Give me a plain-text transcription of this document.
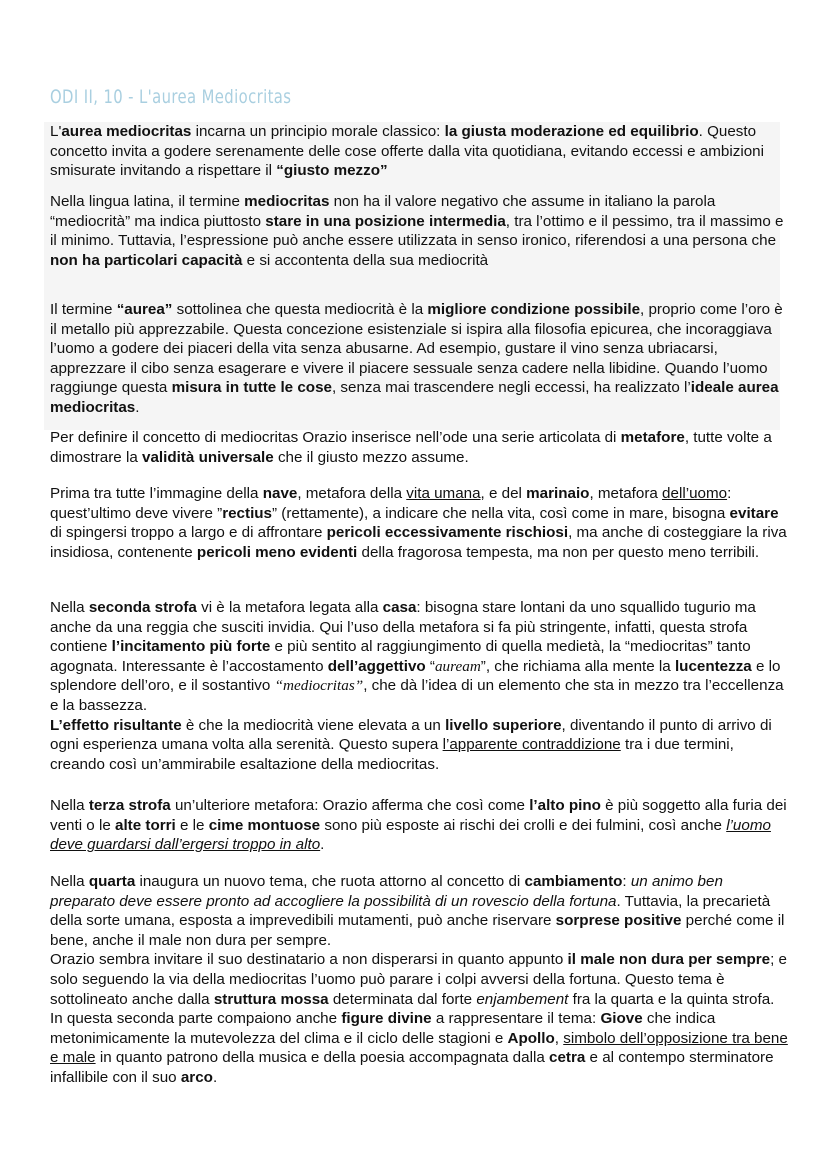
ODI II, 10 - L'aurea Mediocritas

L'aurea mediocritas incarna un principio morale classico: la giusta moderazione ed equilibrio. Questo concetto invita a godere serenamente delle cose offerte dalla vita quotidiana, evitando eccessi e ambizioni smisurate invitando a rispettare il “giusto mezzo”

Nella lingua latina, il termine mediocritas non ha il valore negativo che assume in italiano la parola “mediocrità” ma indica piuttosto stare in una posizione intermedia, tra l’ottimo e il pessimo, tra il massimo e il minimo. Tuttavia, l’espressione può anche essere utilizzata in senso ironico, riferendosi a una persona che non ha particolari capacità e si accontenta della sua mediocrità

Il termine “aurea” sottolinea che questa mediocrità è la migliore condizione possibile, proprio come l’oro è il metallo più apprezzabile. Questa concezione esistenziale si ispira alla filosofia epicurea, che incoraggiava l’uomo a godere dei piaceri della vita senza abusarne. Ad esempio, gustare il vino senza ubriacarsi, apprezzare il cibo senza esagerare e vivere il piacere sessuale senza cadere nella libidine. Quando l’uomo raggiunge questa misura in tutte le cose, senza mai trascendere negli eccessi, ha realizzato l’ideale aurea mediocritas.

Per definire il concetto di mediocritas Orazio inserisce nell’ode una serie articolata di metafore, tutte volte a dimostrare la validità universale che il giusto mezzo assume.

Prima tra tutte l’immagine della nave, metafora della vita umana, e del marinaio, metafora dell’uomo: quest’ultimo deve vivere ”rectius” (rettamente), a indicare che nella vita, così come in mare, bisogna evitare di spingersi troppo a largo e di affrontare pericoli eccessivamente rischiosi, ma anche di costeggiare la riva insidiosa, contenente pericoli meno evidenti della fragorosa tempesta, ma non per questo meno terribili.

Nella seconda strofa vi è la metafora legata alla casa: bisogna stare lontani da uno squallido tugurio ma anche da una reggia che susciti invidia. Qui l’uso della metafora si fa più stringente, infatti, questa strofa contiene l’incitamento più forte e più sentito al raggiungimento di quella medietà, la “mediocritas” tanto agognata. Interessante è l’accostamento dell’aggettivo “auream”, che richiama alla mente la lucentezza e lo splendore dell’oro, e il sostantivo “mediocritas”, che dà l’idea di un elemento che sta in mezzo tra l’eccellenza e la bassezza.

L’effetto risultante è che la mediocrità viene elevata a un livello superiore, diventando il punto di arrivo di ogni esperienza umana volta alla serenità. Questo supera l’apparente contraddizione tra i due termini, creando così un’ammirabile esaltazione della mediocritas.

Nella terza strofa un’ulteriore metafora: Orazio afferma che così come l’alto pino è più soggetto alla furia dei venti o le alte torri e le cime montuose sono più esposte ai rischi dei crolli e dei fulmini, così anche l’uomo deve guardarsi dall’ergersi troppo in alto.

Nella quarta inaugura un nuovo tema, che ruota attorno al concetto di cambiamento: un animo ben preparato deve essere pronto ad accogliere la possibilità di un rovescio della fortuna. Tuttavia, la precarietà della sorte umana, esposta a imprevedibili mutamenti, può anche riservare sorprese positive perché come il bene, anche il male non dura per sempre.

Orazio sembra invitare il suo destinatario a non disperarsi in quanto appunto il male non dura per sempre; e solo seguendo la via della mediocritas l’uomo può parare i colpi avversi della fortuna. Questo tema è sottolineato anche dalla struttura mossa determinata dal forte enjambement fra la quarta e la quinta strofa. In questa seconda parte compaiono anche figure divine a rappresentare il tema: Giove che indica metonimicamente la mutevolezza del clima e il ciclo delle stagioni e Apollo, simbolo dell’opposizione tra bene e male in quanto patrono della musica e della poesia accompagnata dalla cetra e al contempo sterminatore infallibile con il suo arco.
